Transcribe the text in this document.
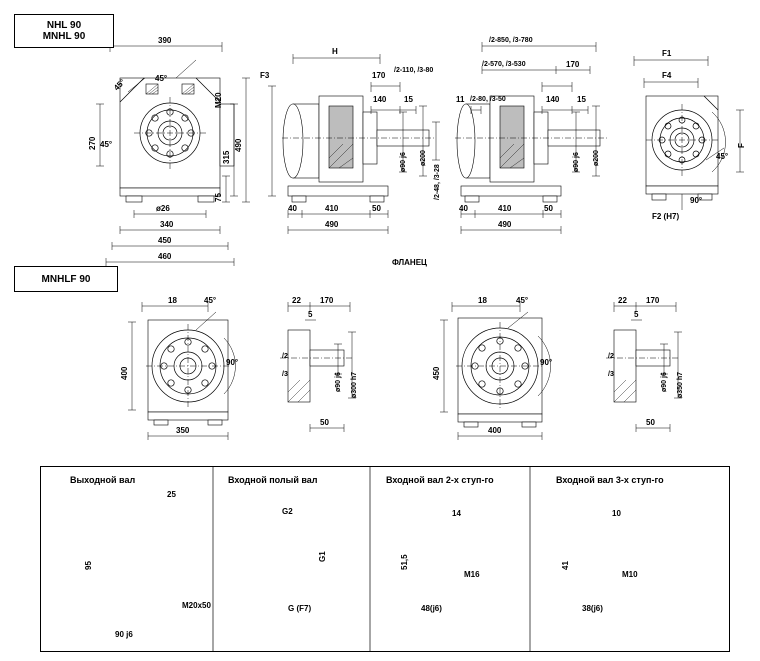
NHL 90
MNHL 90
MNHLF 90
ФЛАНЕЦ
390
270
45°
45°
45°
M20
ø26
340
450
460
490
315
75
H
F3
40	410	50
490
170
140 15
/2-110, /3-80
ø90 j6
/2-48, /3-28
ø200
/2-850, /3-780
/2-570, /3-530	170
11 /2-80, /3-50	140 15
40	410	50
490
ø90 j6 ø200
F1
F4
F
F2 (H7)
90°
45°
18	45°
400
90°
350
22 170
5
/2
/3	ø300 h7
ø90 j6
50
18	45°
450
90°
400
22 170
5
/2
/3	ø350 h7
ø90 j6
50
Выходной вал	Входной полый вал	Входной вал 2-х ступ-го	Входной вал 3-х ступ-го
25
95
M20x50
90 j6
G2
G1
G (F7)
14
51,5
M16
48(j6)
10
41
M10
38(j6)
